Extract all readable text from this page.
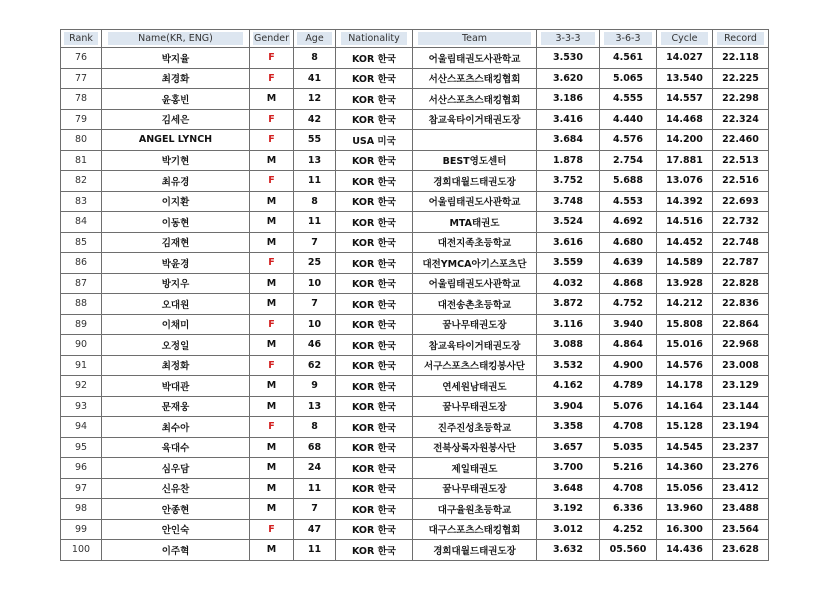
Rank	Name(KR, ENG)	Gender	Age	Nationality	Team	3-3-3	3-6-3	Cycle	Record
76	박지율	F	8	KOR 한국	어울림태권도사관학교	3.530	4.561	14.027	22.118
77	최경화	F	41	KOR 한국	서산스포츠스태킹협회	3.620	5.065	13.540	22.225
78	윤홍빈	M	12	KOR 한국	서산스포츠스태킹협회	3.186	4.555	14.557	22.298
79	김세은	F	42	KOR 한국	참교육타이거태권도장	3.416	4.440	14.468	22.324
80	ANGEL LYNCH	F	55	USA 미국		3.684	4.576	14.200	22.460
81	박기현	M	13	KOR 한국	BEST영도센터	1.878	2.754	17.881	22.513
82	최유경	F	11	KOR 한국	경희대월드태권도장	3.752	5.688	13.076	22.516
83	이지환	M	8	KOR 한국	어울림태권도사관학교	3.748	4.553	14.392	22.693
84	이동현	M	11	KOR 한국	MTA태권도	3.524	4.692	14.516	22.732
85	김재현	M	7	KOR 한국	대전지족초등학교	3.616	4.680	14.452	22.748
86	박윤경	F	25	KOR 한국	대전YMCA아기스포츠단	3.559	4.639	14.589	22.787
87	방지우	M	10	KOR 한국	어울림태권도사관학교	4.032	4.868	13.928	22.828
88	오대원	M	7	KOR 한국	대전송촌초등학교	3.872	4.752	14.212	22.836
89	이채미	F	10	KOR 한국	꿈나무태권도장	3.116	3.940	15.808	22.864
90	오정일	M	46	KOR 한국	참교육타이거태권도장	3.088	4.864	15.016	22.968
91	최정화	F	62	KOR 한국	서구스포츠스태킹봉사단	3.532	4.900	14.576	23.008
92	박대관	M	9	KOR 한국	연세원남태권도	4.162	4.789	14.178	23.129
93	문재웅	M	13	KOR 한국	꿈나무태권도장	3.904	5.076	14.164	23.144
94	최수아	F	8	KOR 한국	진주진성초등학교	3.358	4.708	15.128	23.194
95	육대수	M	68	KOR 한국	전북상록자원봉사단	3.657	5.035	14.545	23.237
96	심우담	M	24	KOR 한국	제일태권도	3.700	5.216	14.360	23.276
97	신유찬	M	11	KOR 한국	꿈나무태권도장	3.648	4.708	15.056	23.412
98	안종현	M	7	KOR 한국	대구율원초등학교	3.192	6.336	13.960	23.488
99	안인숙	F	47	KOR 한국	대구스포츠스태킹협회	3.012	4.252	16.300	23.564
100	이주혁	M	11	KOR 한국	경희대월드태권도장	3.632	05.560	14.436	23.628
